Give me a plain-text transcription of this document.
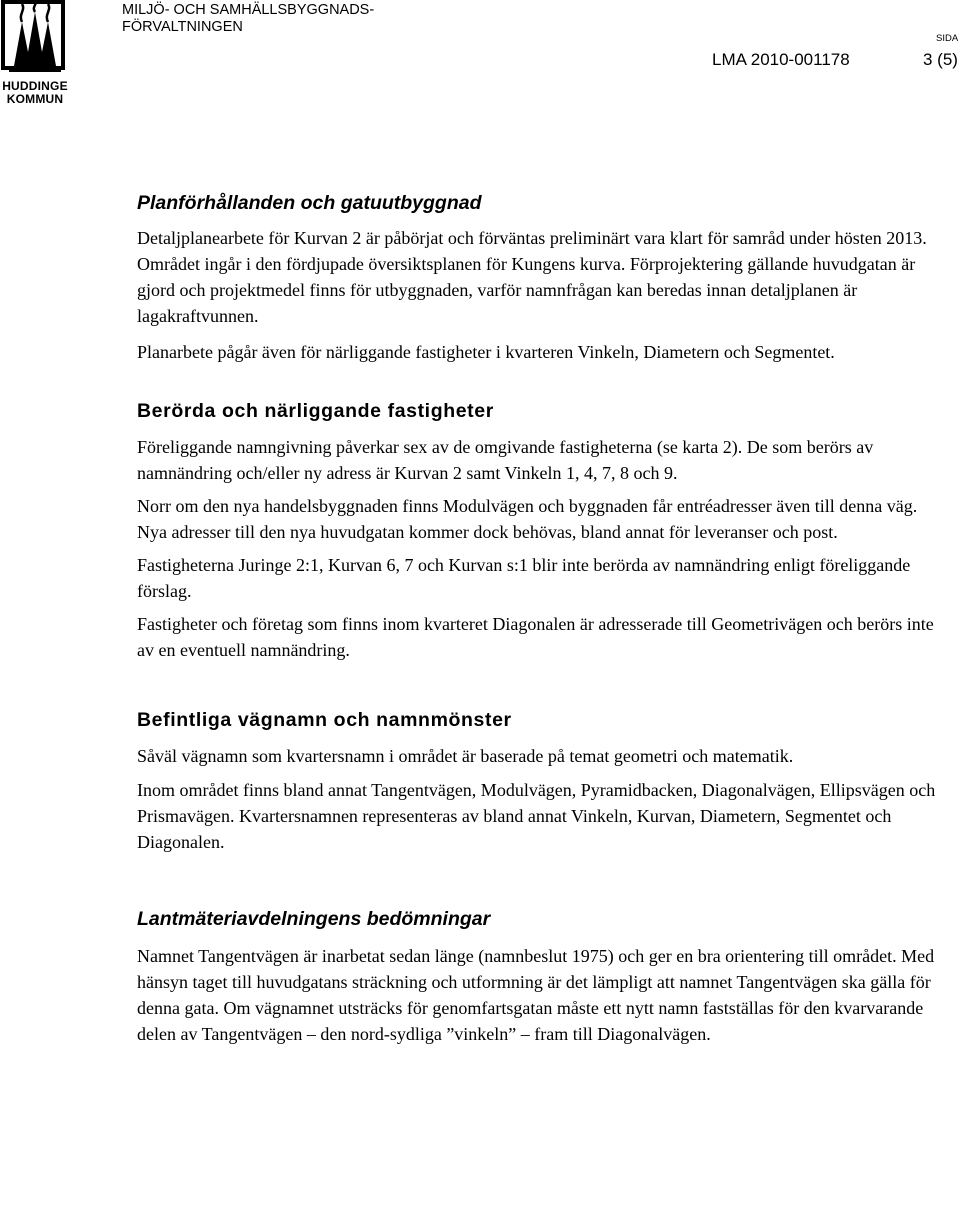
HUDDINGE
KOMMUN
MILJÖ- OCH SAMHÄLLSBYGGNADS-
FÖRVALTNINGEN
SIDA
LMA 2010-001178	3 (5)
Planförhållanden och gatuutbyggnad

Detaljplanearbete för Kurvan 2 är påbörjat och förväntas preliminärt vara klart för samråd under hösten 2013. Området ingår i den fördjupade översiktsplanen för Kungens kurva. Förprojektering gällande huvudgatan är gjord och projektmedel finns för utbyggnaden, varför namnfrågan kan beredas innan detaljplanen är lagakraftvunnen.

Planarbete pågår även för närliggande fastigheter i kvarteren Vinkeln, Diametern och Segmentet.

Berörda och närliggande fastigheter

Föreliggande namngivning påverkar sex av de omgivande fastigheterna (se karta 2). De som berörs av namnändring och/eller ny adress är Kurvan 2 samt Vinkeln 1, 4, 7, 8 och 9.

Norr om den nya handelsbyggnaden finns Modulvägen och byggnaden får entréadresser även till denna väg. Nya adresser till den nya huvudgatan kommer dock behövas, bland annat för leveranser och post.

Fastigheterna Juringe 2:1, Kurvan 6, 7 och Kurvan s:1 blir inte berörda av namnändring enligt föreliggande förslag.

Fastigheter och företag som finns inom kvarteret Diagonalen är adresserade till Geometrivägen och berörs inte av en eventuell namnändring.

Befintliga vägnamn och namnmönster

Såväl vägnamn som kvartersnamn i området är baserade på temat geometri och matematik.

Inom området finns bland annat Tangentvägen, Modulvägen, Pyramidbacken, Diagonalvägen, Ellipsvägen och Prismavägen. Kvartersnamnen representeras av bland annat Vinkeln, Kurvan, Diametern, Segmentet och Diagonalen.

Lantmäteriavdelningens bedömningar

Namnet Tangentvägen är inarbetat sedan länge (namnbeslut 1975) och ger en bra orientering till området. Med hänsyn taget till huvudgatans sträckning och utformning är det lämpligt att namnet Tangentvägen ska gälla för denna gata. Om vägnamnet utsträcks för genomfartsgatan måste ett nytt namn fastställas för den kvarvarande delen av Tangentvägen – den nord-sydliga ”vinkeln” – fram till Diagonalvägen.
